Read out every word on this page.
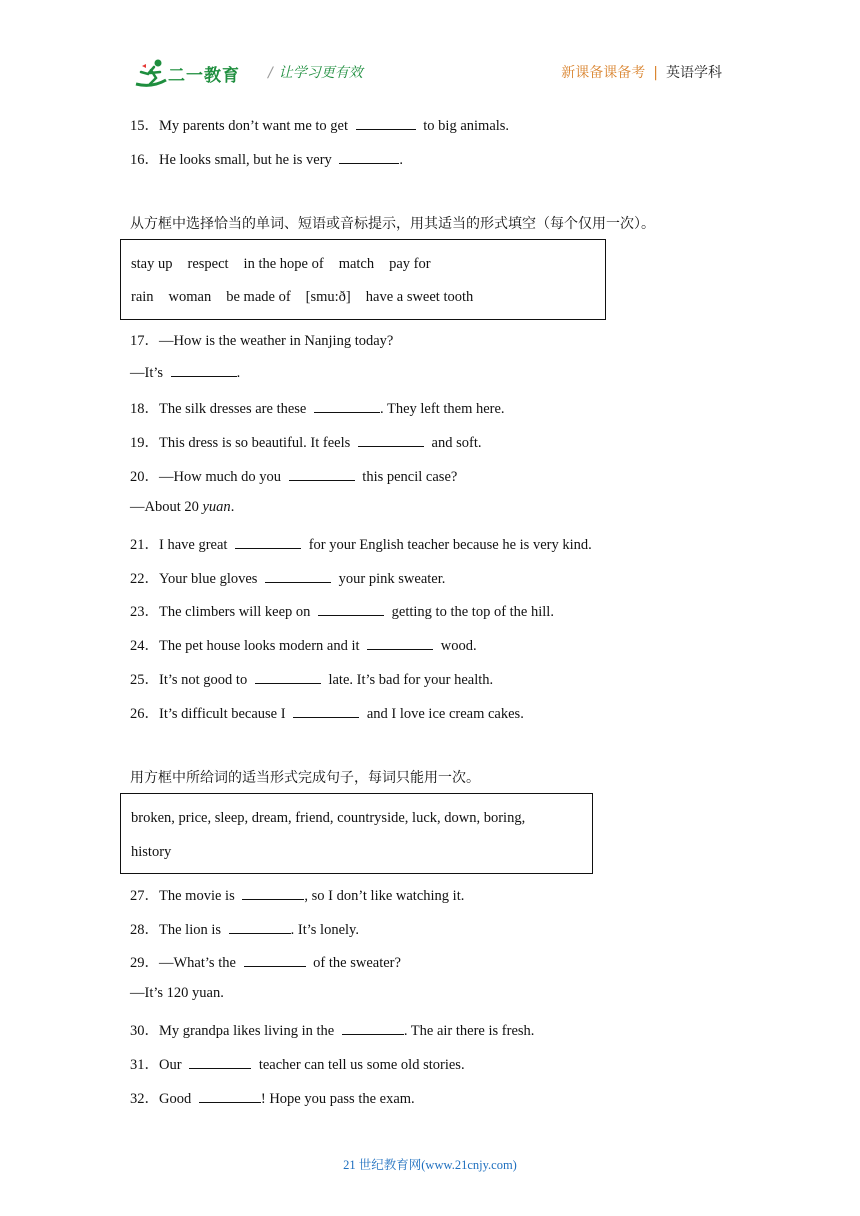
二一教育 / 让学习更有效	新课备课备考 | 英语学科
15．My parents don’t want me to get	to big animals.
16．He looks small, but he is very	.
从方框中选择恰当的单词、短语或音标提示，用其适当的形式填空（每个仅用一次）。
stay up respect in the hope of match pay for
rain woman be made of [smu:ð] have a sweet tooth
17．—How is the weather in Nanjing today?
—It’s	.
18．The silk dresses are these	. They left them here.
19．This dress is so beautiful. It feels	and soft.
20．—How much do you	this pencil case?
—About 20 yuan.
21．I have great	for your English teacher because he is very kind.
22．Your blue gloves	your pink sweater.
23．The climbers will keep on	getting to the top of the hill.
24．The pet house looks modern and it	wood.
25．It’s not good to	late. It’s bad for your health.
26．It’s difficult because I	and I love ice cream cakes.
用方框中所给词的适当形式完成句子，每词只能用一次。
broken, price, sleep, dream, friend, countryside, luck, down, boring,
history
27．The movie is	, so I don’t like watching it.
28．The lion is	. It’s lonely.
29．—What’s the	of the sweater?
—It’s 120 yuan.
30．My grandpa likes living in the	. The air there is fresh.
31．Our	teacher can tell us some old stories.
32．Good	! Hope you pass the exam.
21 世纪教育网(www.21cnjy.com)
